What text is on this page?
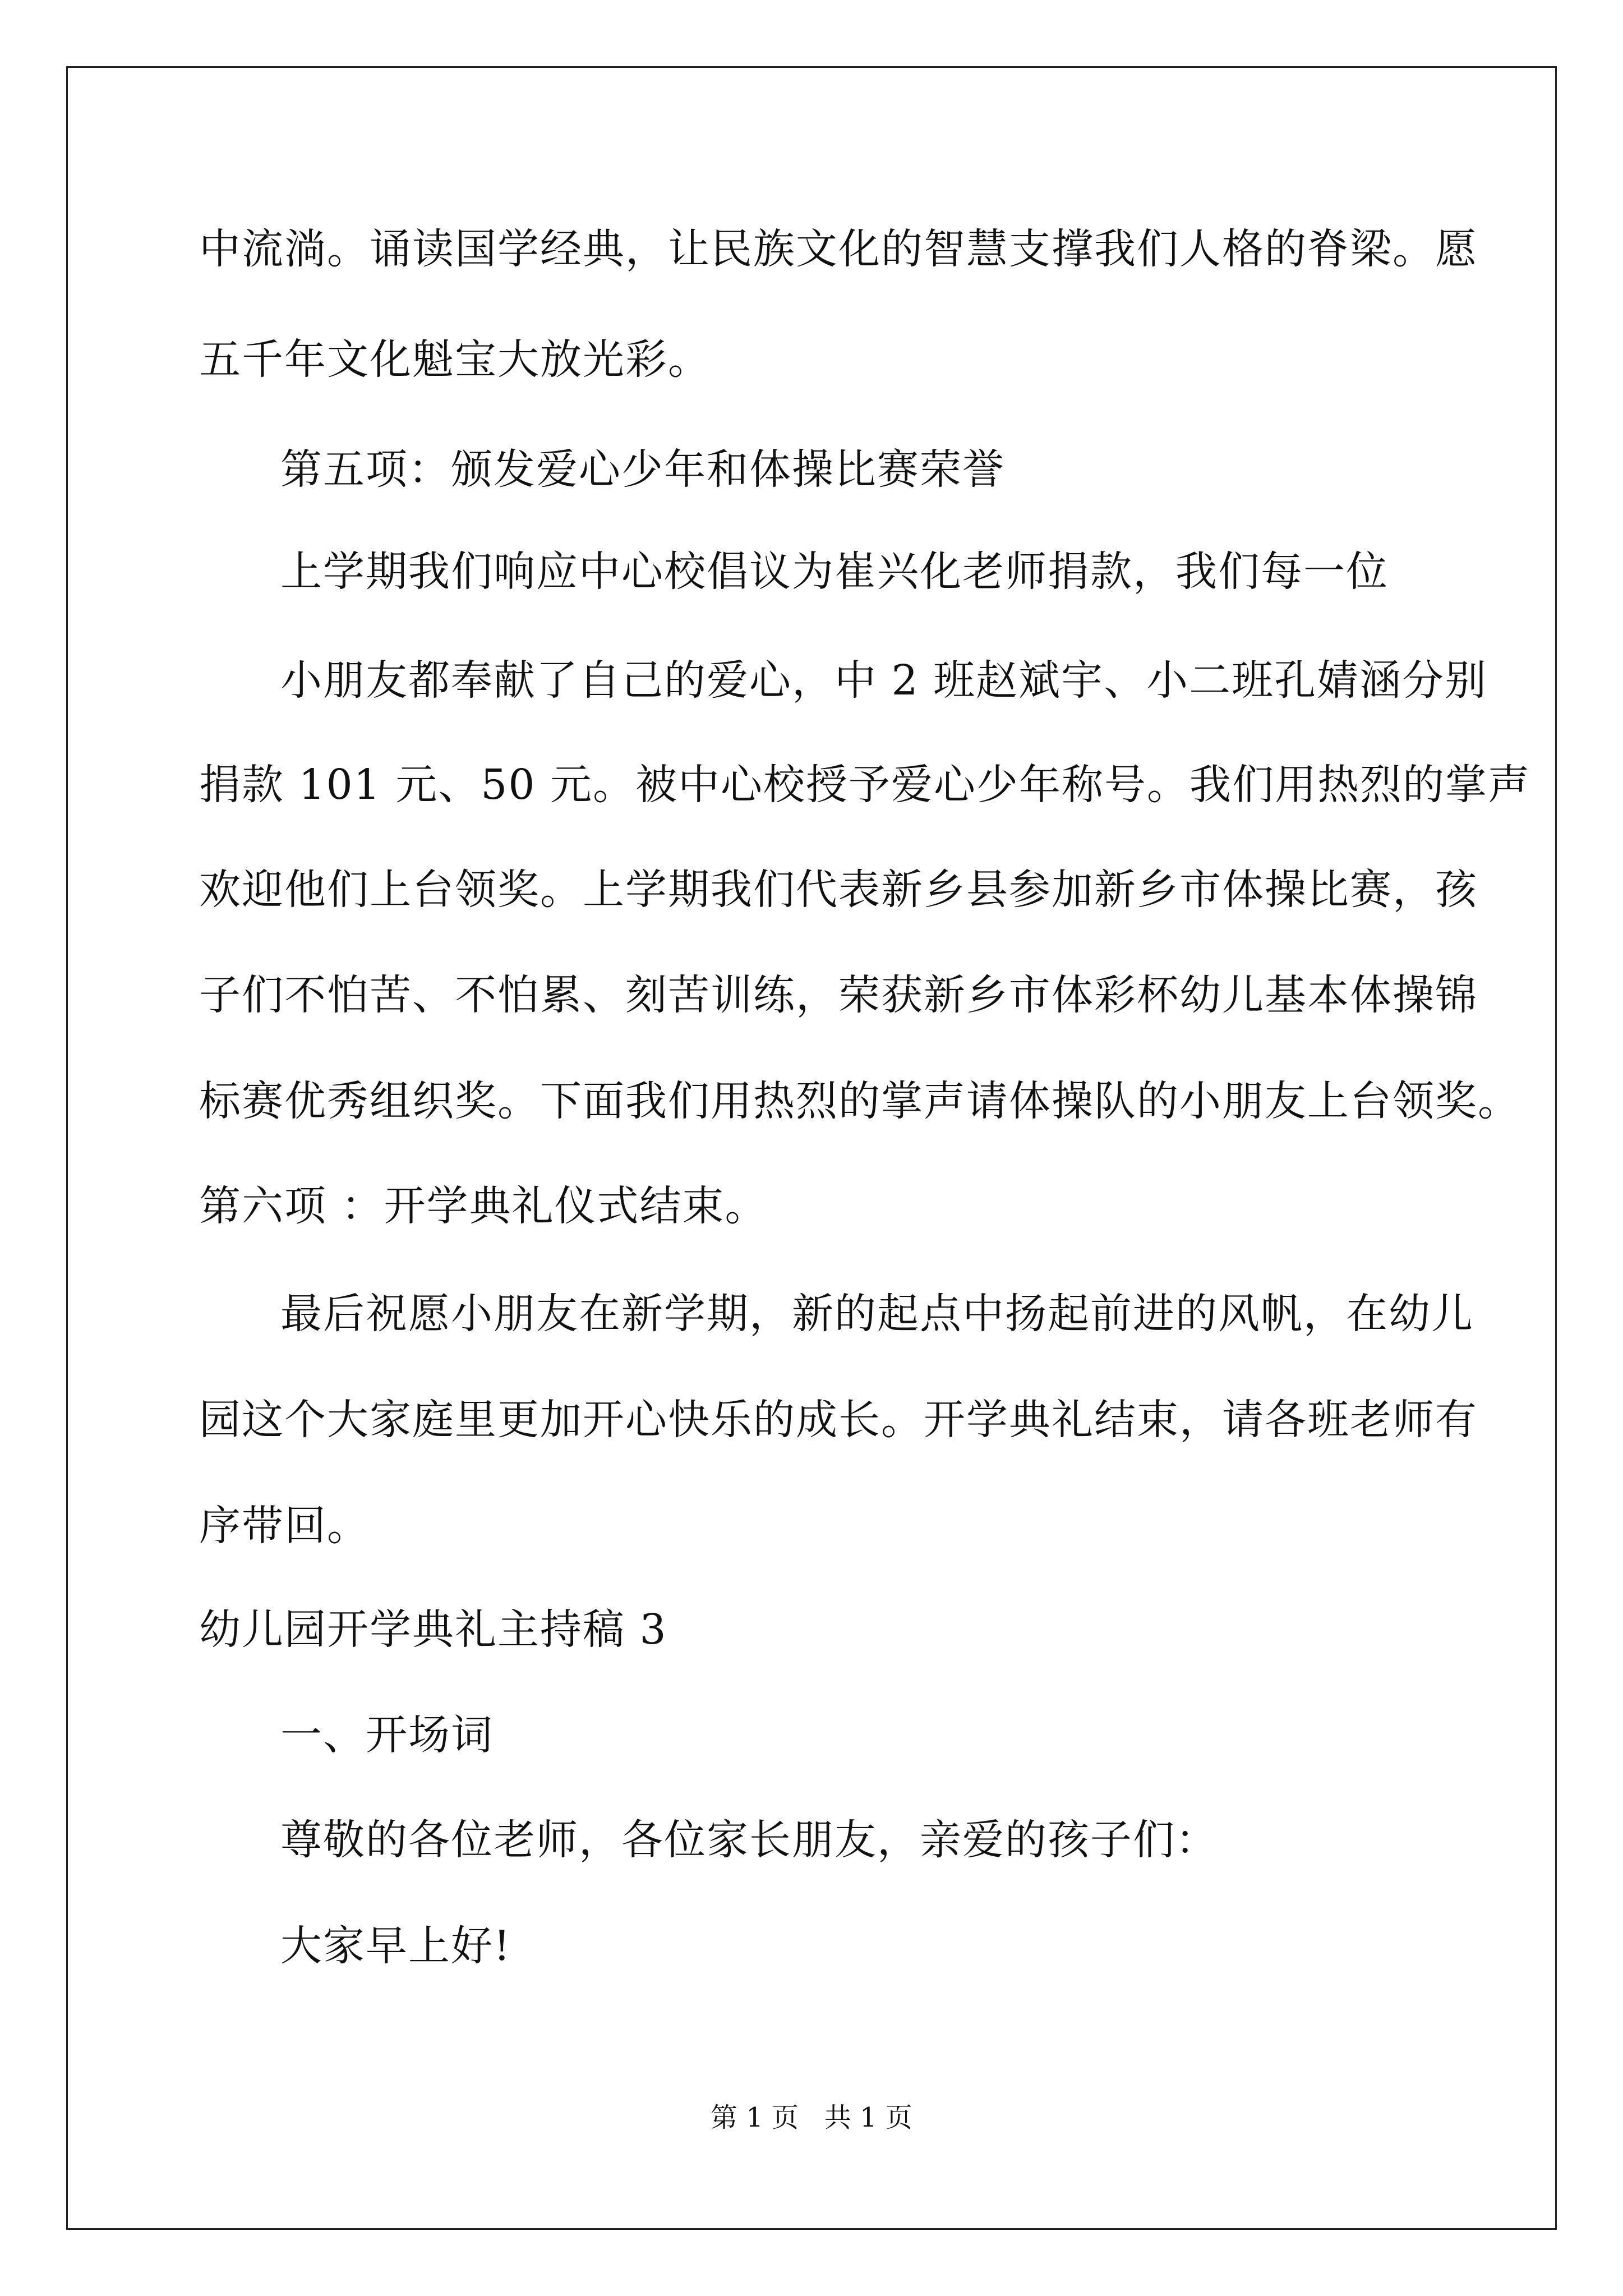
中流淌。诵读国学经典，让民族文化的智慧支撑我们人格的脊梁。愿
五千年文化魁宝大放光彩。
第五项：颁发爱心少年和体操比赛荣誉
上学期我们响应中心校倡议为崔兴化老师捐款，我们每一位
小朋友都奉献了自己的爱心，中 2 班赵斌宇、小二班孔婧涵分别
捐款 101 元、50 元。被中心校授予爱心少年称号。我们用热烈的掌声
欢迎他们上台领奖。上学期我们代表新乡县参加新乡市体操比赛，孩
子们不怕苦、不怕累、刻苦训练，荣获新乡市体彩杯幼儿基本体操锦
标赛优秀组织奖。下面我们用热烈的掌声请体操队的小朋友上台领奖。
第六项 ：开学典礼仪式结束。
最后祝愿小朋友在新学期，新的起点中扬起前进的风帆，在幼儿
园这个大家庭里更加开心快乐的成长。开学典礼结束，请各班老师有
序带回。
幼儿园开学典礼主持稿 3
一、开场词
尊敬的各位老师，各位家长朋友，亲爱的孩子们：
大家早上好!
第 1 页   共 1 页
